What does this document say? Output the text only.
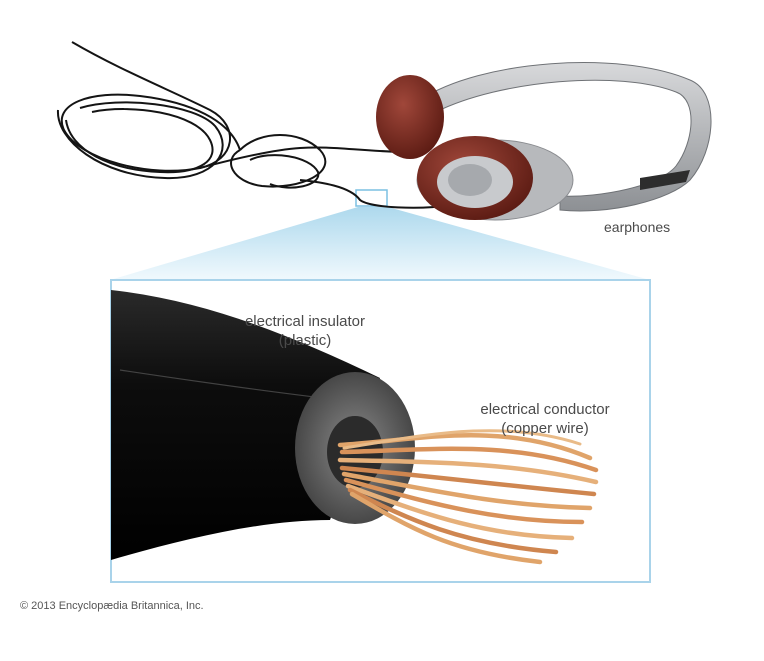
earphones
electrical insulator
(plastic)
electrical conductor
(copper wire)
© 2013 Encyclopædia Britannica, Inc.
